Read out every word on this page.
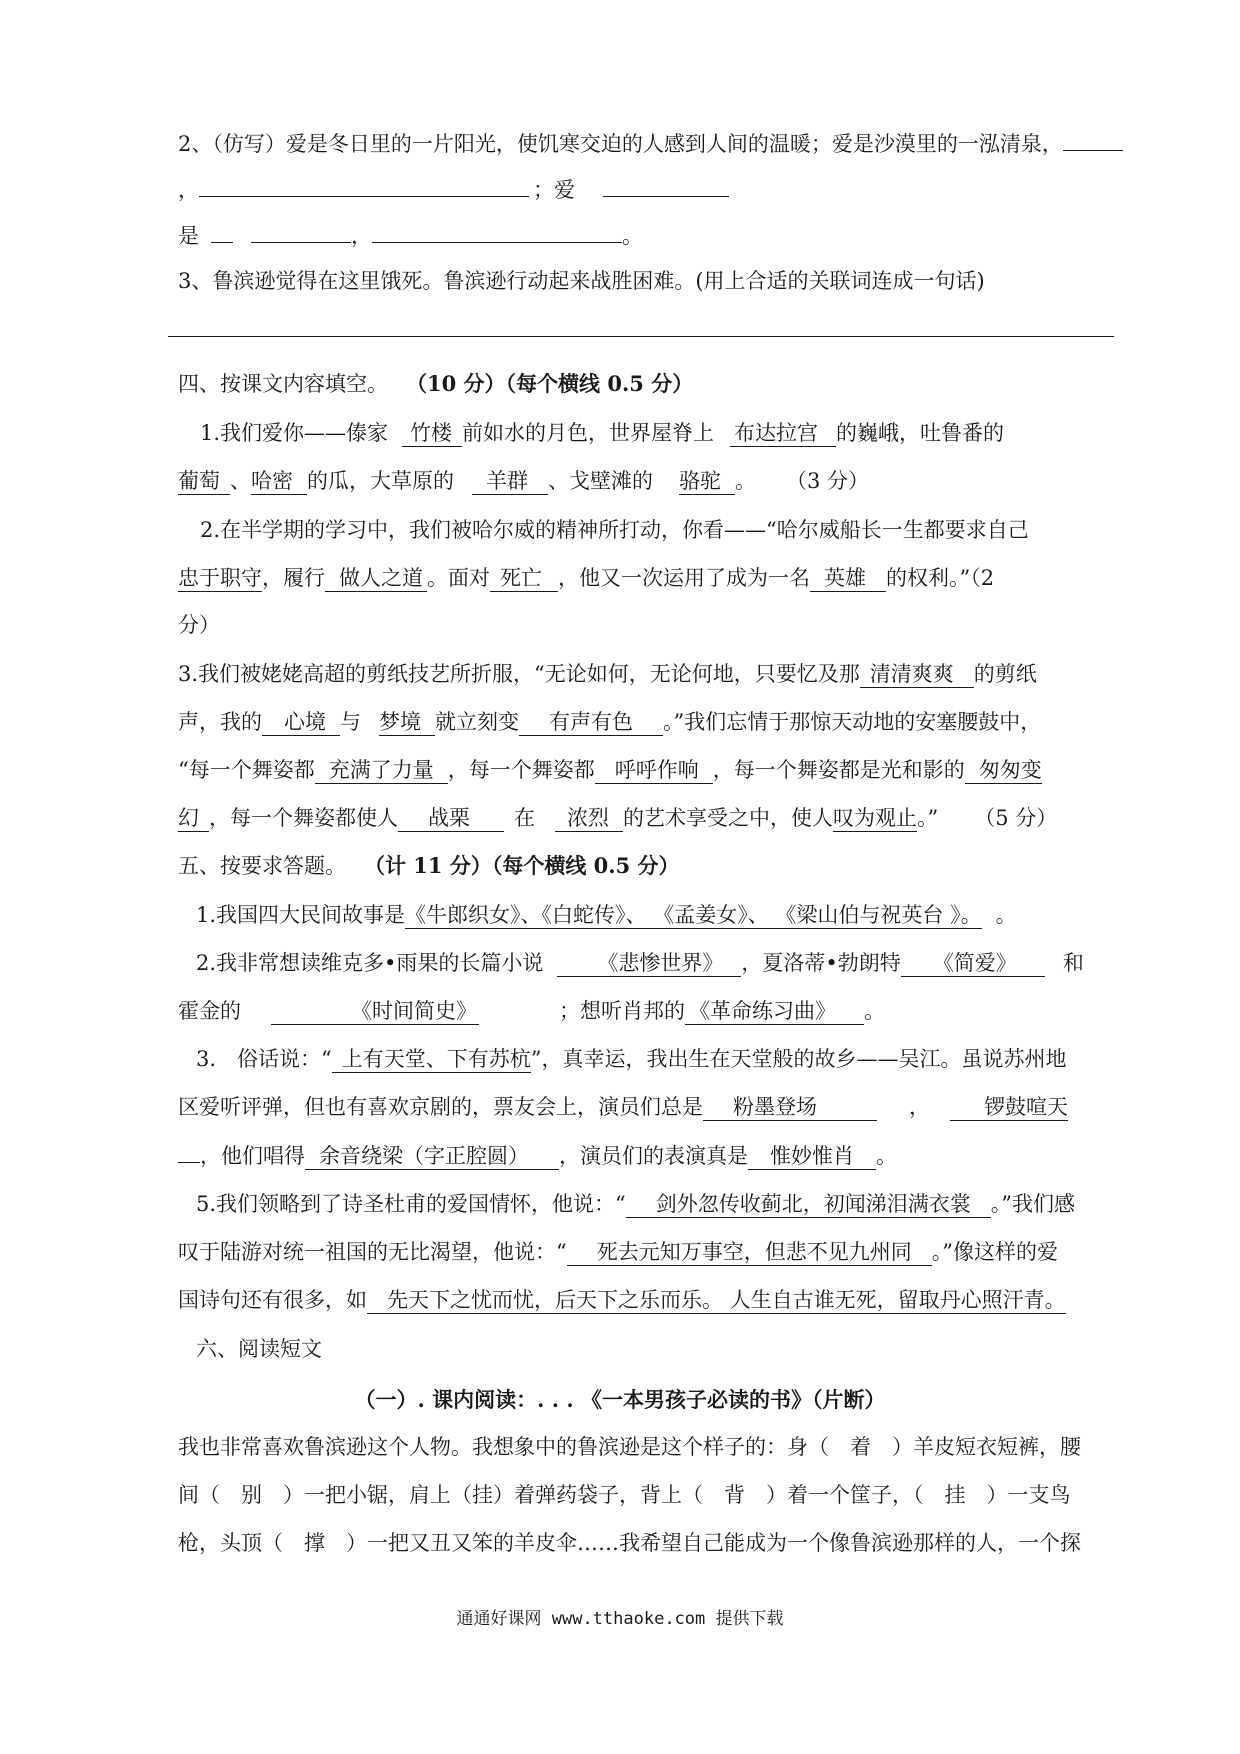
2、（仿写）爱是冬日里的一片阳光，使饥寒交迫的人感到人间的温暖；爱是沙漠里的一泓清泉，
，	；爱
是	，	。
3、鲁滨逊觉得在这里饿死。鲁滨逊行动起来战胜困难。(用上合适的关联词连成一句话)
四、按课文内容填空。 （10 分）（每个横线 0.5 分）
1.我们爱你——傣家 竹楼 前如水的月色，世界屋脊上 布达拉宫 的巍峨，吐鲁番的
葡萄 、哈密 的瓜，大草原的 羊群 、戈壁滩的 骆驼 。 （3 分）
2.在半学期的学习中，我们被哈尔威的精神所打动，你看——“哈尔威船长一生都要求自己
忠于职守，履行 做人之道 。面对 死亡 ，他又一次运用了成为一名 英雄 的权利。”（2
分）
3.我们被姥姥高超的剪纸技艺所折服，“无论如何，无论何地，只要忆及那 清清爽爽 的剪纸
声，我的 心境 与 梦境 就立刻变 有声有色 。”我们忘情于那惊天动地的安塞腰鼓中，
“每一个舞姿都 充满了力量 ，每一个舞姿都 呼呼作响 ，每一个舞姿都是光和影的 匆匆变
幻 ，每一个舞姿都使人 战栗 在 浓烈 的艺术享受之中，使人叹为观止。” （5 分）
五、按要求答题。 （计 11 分）（每个横线 0.5 分）
1.我国四大民间故事是《牛郎织女》、《白蛇传》、 《孟姜女》、 《梁山伯与祝英台 》。 。
2.我非常想读维克多•雨果的长篇小说	《悲惨世界》 ，夏洛蒂•勃朗特 《简爱》 和
霍金的	《时间简史》	；想听肖邦的 《革命练习曲》 。
3.　俗话说：“ 上有天堂、下有苏杭”，真幸运，我出生在天堂般的故乡——吴江。虽说苏州地
区爱听评弹，但也有喜欢京剧的，票友会上，演员们总是 粉墨登场	，	锣鼓喧天
，他们唱得 余音绕梁（字正腔圆） ，演员们的表演真是 惟妙惟肖 。
5.我们领略到了诗圣杜甫的爱国情怀，他说：“ 剑外忽传收蓟北，初闻涕泪满衣裳 。”我们感
叹于陆游对统一祖国的无比渴望，他说：“ 死去元知万事空，但悲不见九州同 。”像这样的爱
国诗句还有很多，如 先天下之忧而忧，后天下之乐而乐。 人生自古谁无死，留取丹心照汗青。
六、阅读短文
（一）. 课内阅读：. . . 《一本男孩子必读的书》（片断）
我也非常喜欢鲁滨逊这个人物。我想象中的鲁滨逊是这个样子的：身（　着　）羊皮短衣短裤，腰
间（　别　）一把小锯，肩上（挂）着弹药袋子，背上（　背　）着一个筐子，（　挂　）一支鸟
枪，头顶（　撑　）一把又丑又笨的羊皮伞……我希望自己能成为一个像鲁滨逊那样的人，一个探
通通好课网 www.tthaoke.com 提供下载
